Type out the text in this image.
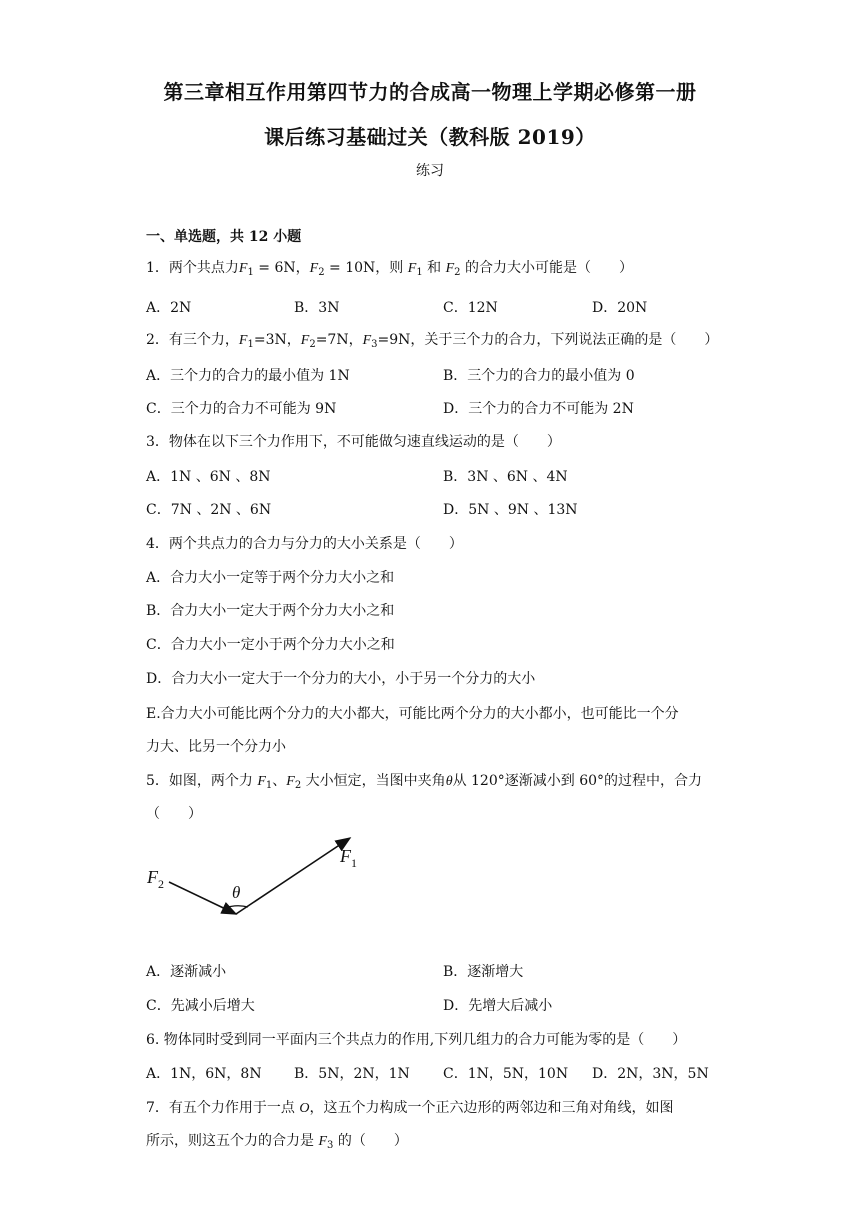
第三章相互作用第四节力的合成高一物理上学期必修第一册
课后练习基础过关（教科版 2019）
练习
一、单选题，共 12 小题
1．两个共点力$F_1 = 6N$，$F_2 = 10N$，则 $F_1$ 和 $F_2$ 的合力大小可能是（　　）
A．2N	B．3N	C．12N	D．20N
2．有三个力，$F_1=3N$，$F_2=7N$，$F_3=9N$，关于三个力的合力，下列说法正确的是（　　）
A．三个力的合力的最小值为 1N	B．三个力的合力的最小值为 0
C．三个力的合力不可能为 9N	D．三个力的合力不可能为 2N
3．物体在以下三个力作用下，不可能做匀速直线运动的是（　　）
A．1N 、6N 、8N	B．3N 、6N 、4N
C．7N 、2N 、6N	D．5N 、9N 、13N
4．两个共点力的合力与分力的大小关系是（　　）
A．合力大小一定等于两个分力大小之和
B．合力大小一定大于两个分力大小之和
C．合力大小一定小于两个分力大小之和
D．合力大小一定大于一个分力的大小，小于另一个分力的大小
E.合力大小可能比两个分力的大小都大，可能比两个分力的大小都小，也可能比一个分
力大、比另一个分力小
5．如图，两个力 $F_1$、$F_2$ 大小恒定，当图中夹角θ从 120°逐渐减小到 60°的过程中，合力
（　　）
$F_2$
$F_1$
θ
A．逐渐减小	B．逐渐增大
C．先减小后增大	D．先增大后减小
6. 物体同时受到同一平面内三个共点力的作用,下列几组力的合力可能为零的是（　　）
A．1N，6N，8N B．5N，2N，1N C．1N，5N，10N D．2N，3N，5N
7．有五个力作用于一点 O，这五个力构成一个正六边形的两邻边和三角对角线，如图
所示，则这五个力的合力是 $F_3$ 的（　　）
